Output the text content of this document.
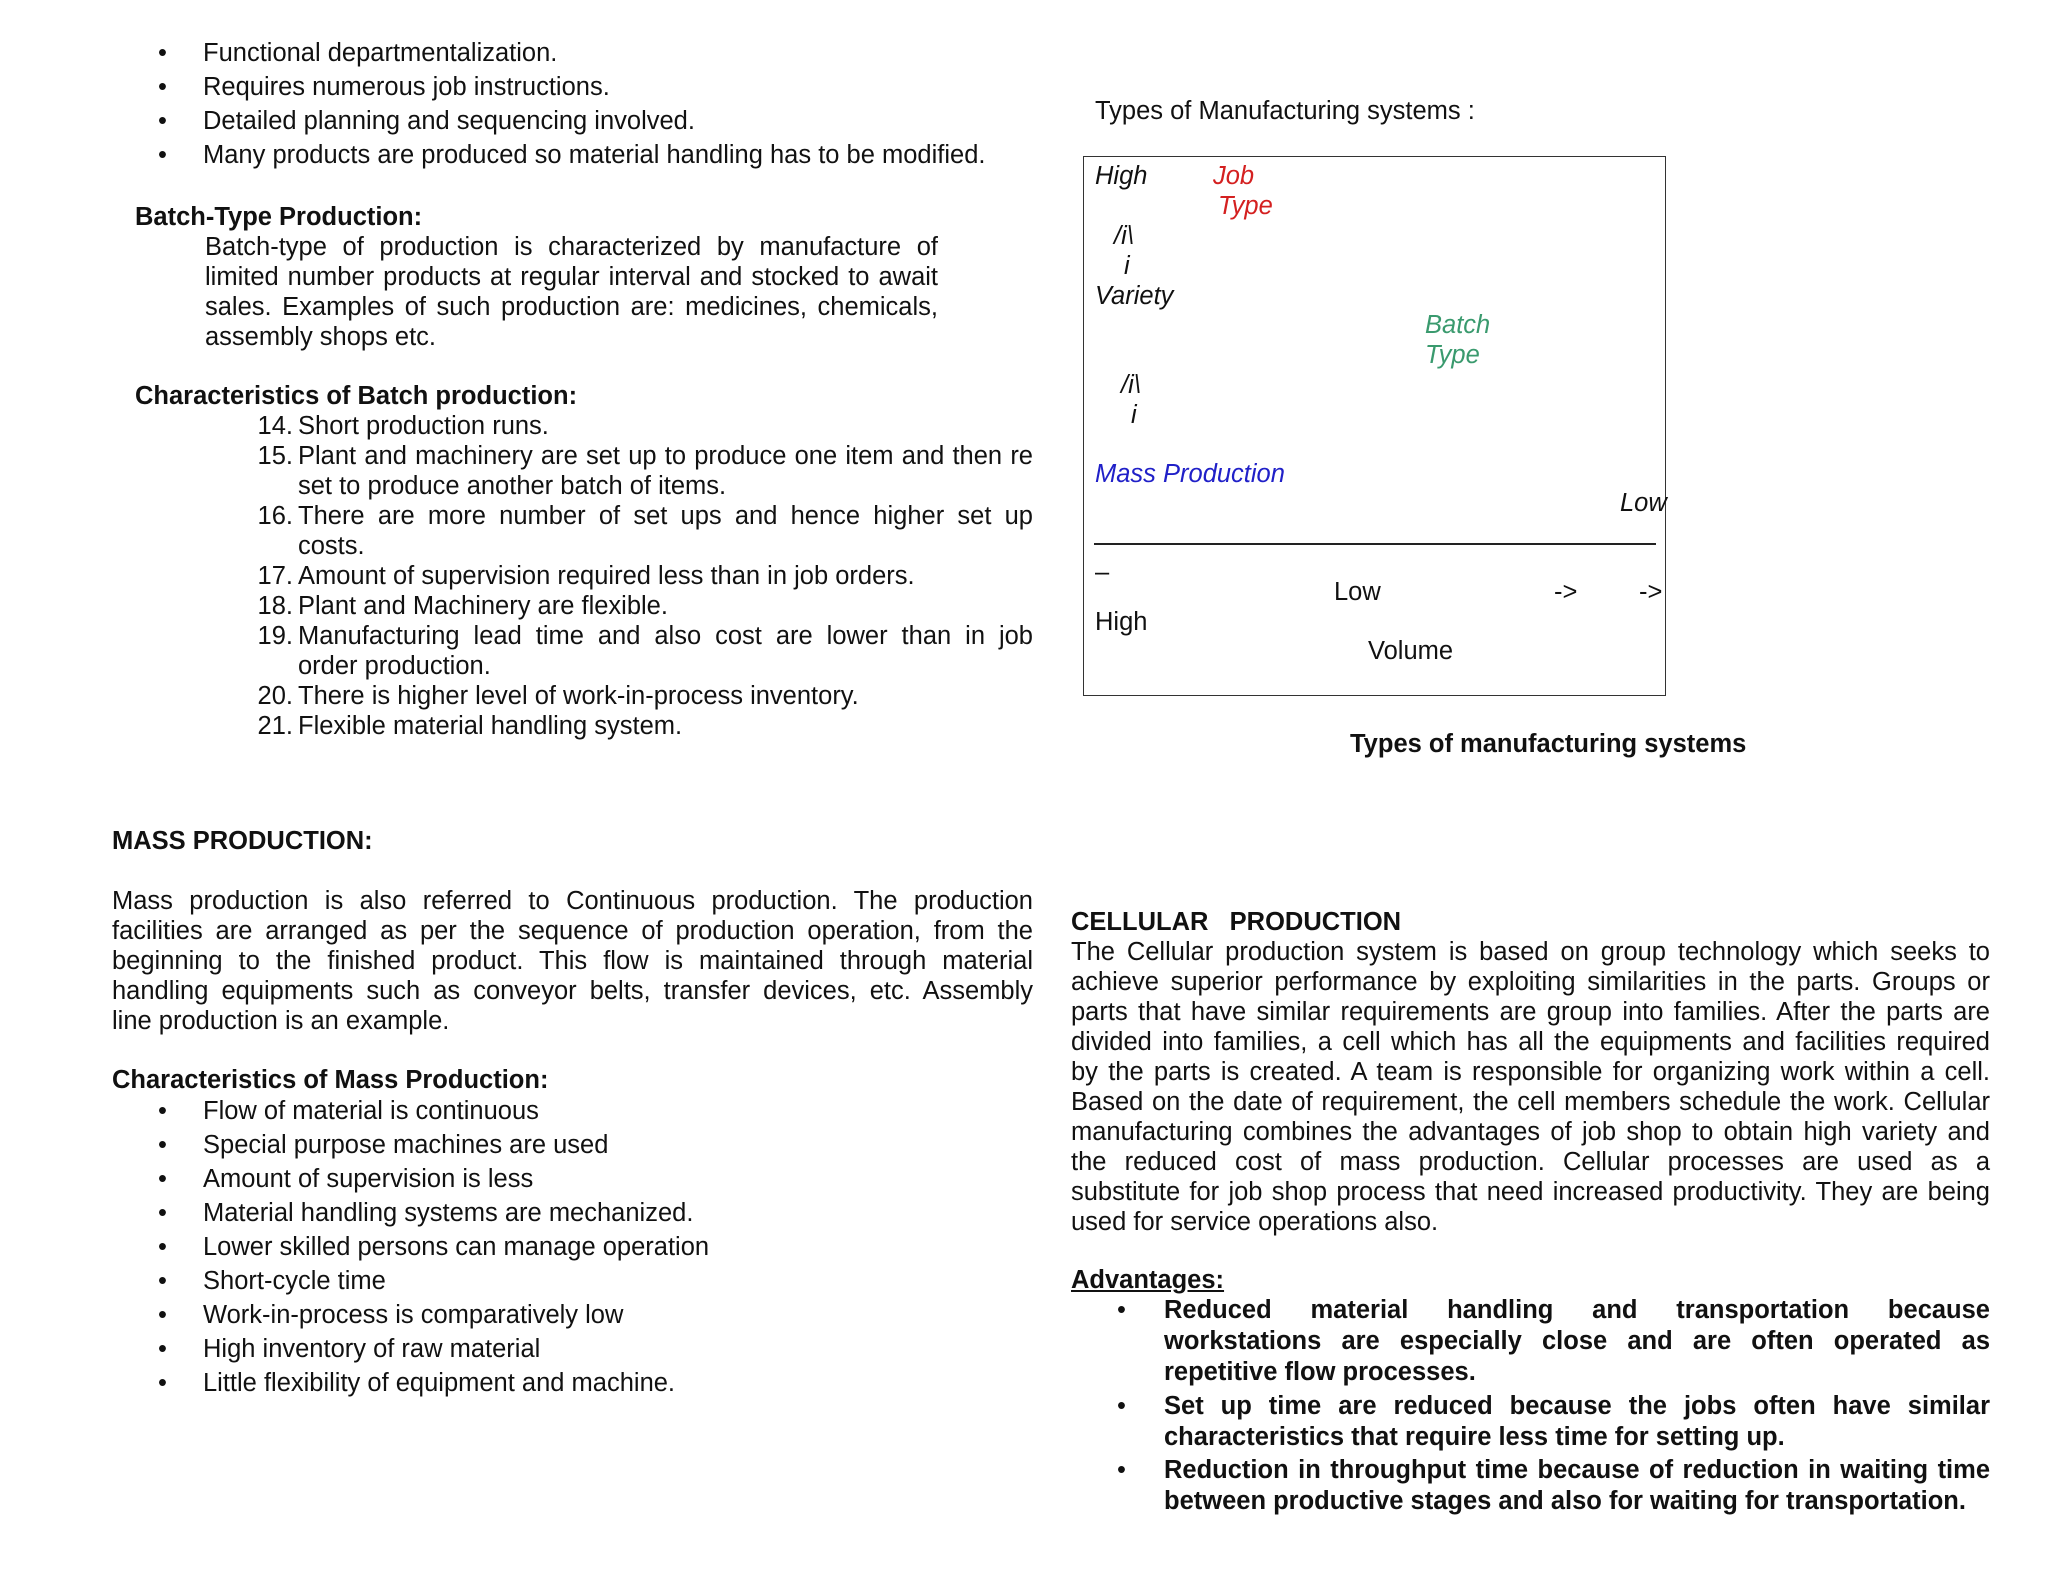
• Functional departmentalization.
• Requires numerous job instructions.
• Detailed planning and sequencing involved.
• Many products are produced so material handling has to be modified.
Batch-Type Production:
Batch-type of production is characterized by manufacture of
limited number products at regular interval and stocked to await
sales. Examples of such production are: medicines, chemicals,
assembly shops etc.
Characteristics of Batch production:
14. Short production runs.
15. Plant and machinery are set up to produce one item and then re
set to produce another batch of items.
16. There are more number of set ups and hence higher set up
costs.
17. Amount of supervision required less than in job orders.
18. Plant and Machinery are flexible.
19. Manufacturing lead time and also cost are lower than in job
order production.
20. There is higher level of work-in-process inventory.
21. Flexible material handling system.
Types of Manufacturing systems :
High	Job
Type
/i\
i
Variety
Batch
Type
/i\
i
Mass Production
Low
–
Low	-> ->
High
Volume
Types of manufacturing systems
MASS PRODUCTION:
Mass production is also referred to Continuous production. The production
facilities are arranged as per the sequence of production operation, from the
beginning to the finished product. This flow is maintained through material
handling equipments such as conveyor belts, transfer devices, etc. Assembly
line production is an example.
Characteristics of Mass Production:
• Flow of material is continuous
• Special purpose machines are used
• Amount of supervision is less
• Material handling systems are mechanized.
• Lower skilled persons can manage operation
• Short-cycle time
• Work-in-process is comparatively low
• High inventory of raw material
• Little flexibility of equipment and machine.
CELLULAR   PRODUCTION
The Cellular production system is based on group technology which seeks to
achieve superior performance by exploiting similarities in the parts. Groups or
parts that have similar requirements are group into families. After the parts are
divided into families, a cell which has all the equipments and facilities required
by the parts is created. A team is responsible for organizing work within a cell.
Based on the date of requirement, the cell members schedule the work. Cellular
manufacturing combines the advantages of job shop to obtain high variety and
the reduced cost of mass production. Cellular processes are used as a
substitute for job shop process that need increased productivity. They are being
used for service operations also.
Advantages:
• Reduced material handling and transportation because
workstations are especially close and are often operated as
repetitive flow processes.
• Set up time are reduced because the jobs often have similar
characteristics that require less time for setting up.
• Reduction in throughput time because of reduction in waiting time
between productive stages and also for waiting for transportation.
